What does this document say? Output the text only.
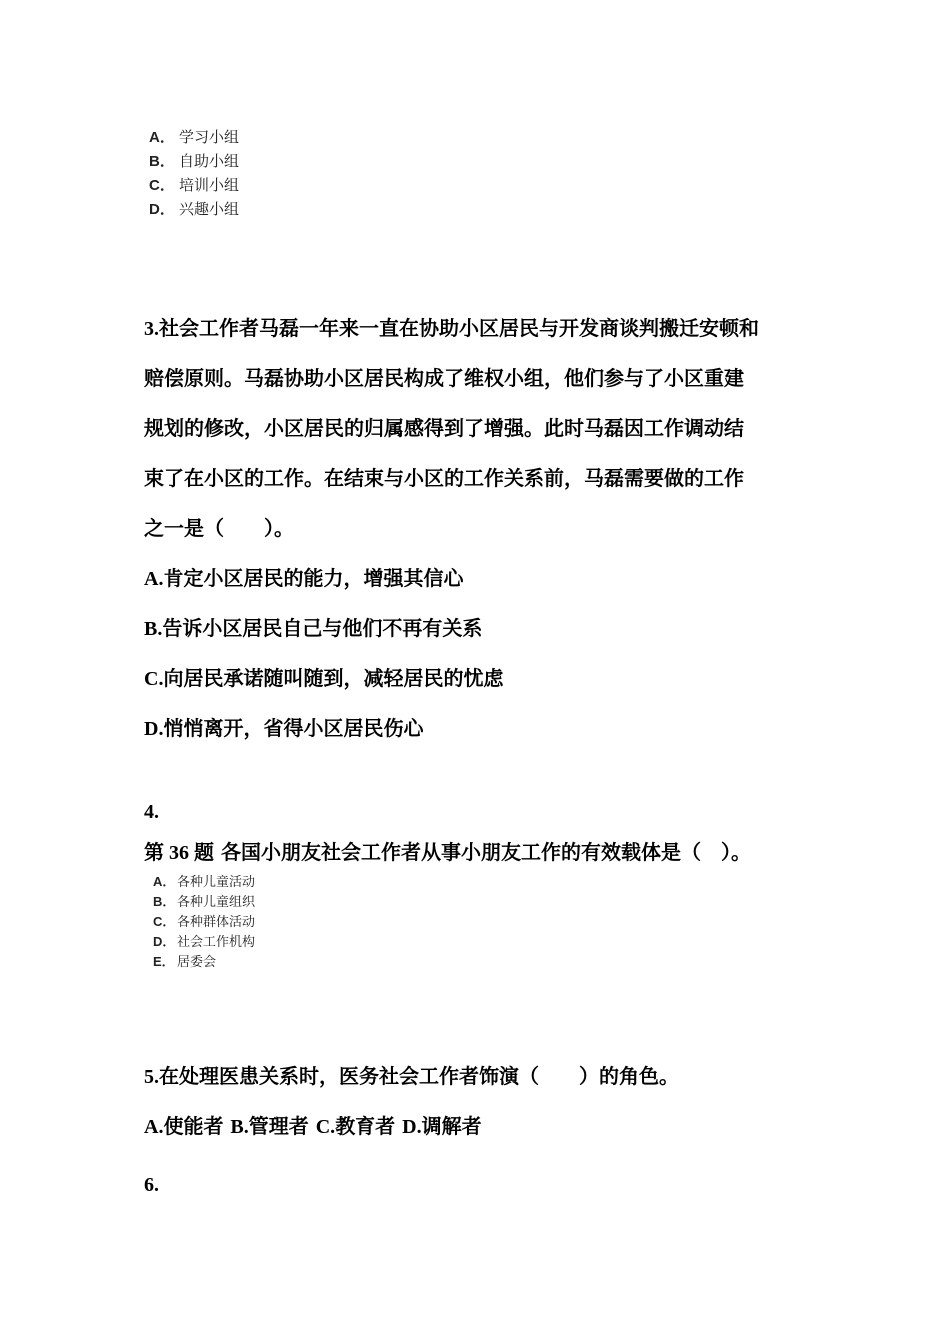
A． 学习小组
B． 自助小组
C． 培训小组
D． 兴趣小组
3.社会工作者马磊一年来一直在协助小区居民与开发商谈判搬迁安顿和
赔偿原则。马磊协助小区居民构成了维权小组，他们参与了小区重建
规划的修改，小区居民的归属感得到了增强。此时马磊因工作调动结
束了在小区的工作。在结束与小区的工作关系前，马磊需要做的工作
之一是（　　）。
A.肯定小区居民的能力，增强其信心
B.告诉小区居民自己与他们不再有关系
C.向居民承诺随叫随到，减轻居民的忧虑
D.悄悄离开，省得小区居民伤心
4.
第 36 题 各国小朋友社会工作者从事小朋友工作的有效载体是（　）。
A． 各种儿童活动
B． 各种儿童组织
C． 各种群体活动
D． 社会工作机构
E． 居委会
5.在处理医患关系时，医务社会工作者饰演（　　）的角色。
A.使能者 B.管理者 C.教育者 D.调解者
6.
